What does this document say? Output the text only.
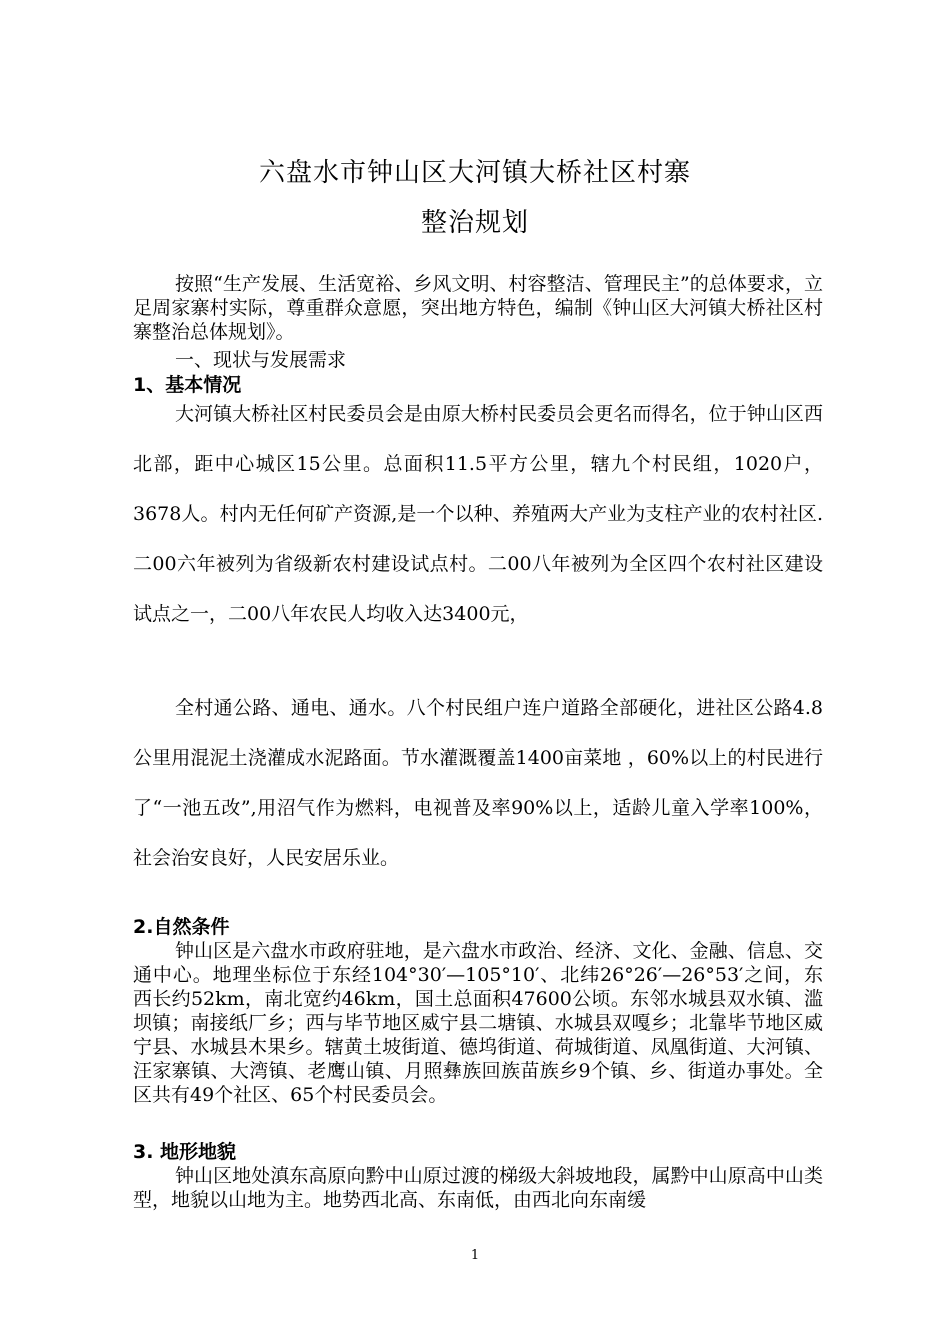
六盘水市钟山区大河镇大桥社区村寨
整治规划
按照“生产发展、生活宽裕、乡风文明、村容整洁、管理民主”的总体要求，立足周家寨村实际，尊重群众意愿，突出地方特色，编制《钟山区大河镇大桥社区村寨整治总体规划》。
一、现状与发展需求
1、基本情况
大河镇大桥社区村民委员会是由原大桥村民委员会更名而得名，位于钟山区西北部，距中心城区15公里。总面积11.5平方公里，辖九个村民组，1020户，3678人。村内无任何矿产资源,是一个以种、养殖两大产业为支柱产业的农村社区.二00六年被列为省级新农村建设试点村。二00八年被列为全区四个农村社区建设试点之一，二00八年农民人均收入达3400元，
全村通公路、通电、通水。八个村民组户连户道路全部硬化，进社区公路4.8公里用混泥土浇灌成水泥路面。节水灌溉覆盖1400亩菜地 ，60%以上的村民进行了“一池五改”,用沼气作为燃料，电视普及率90%以上，适龄儿童入学率100%，社会治安良好，人民安居乐业。
2.自然条件
钟山区是六盘水市政府驻地，是六盘水市政治、经济、文化、金融、信息、交通中心。地理坐标位于东经104°30′—105°10′、北纬26°26′—26°53′之间，东西长约52km，南北宽约46km，国土总面积47600公顷。东邻水城县双水镇、滥坝镇；南接纸厂乡；西与毕节地区威宁县二塘镇、水城县双嘎乡；北靠毕节地区威宁县、水城县木果乡。辖黄土坡街道、德坞街道、荷城街道、凤凰街道、大河镇、汪家寨镇、大湾镇、老鹰山镇、月照彝族回族苗族乡9个镇、乡、街道办事处。全区共有49个社区、65个村民委员会。
3. 地形地貌
钟山区地处滇东高原向黔中山原过渡的梯级大斜坡地段，属黔中山原高中山类型，地貌以山地为主。地势西北高、东南低，由西北向东南缓
1
